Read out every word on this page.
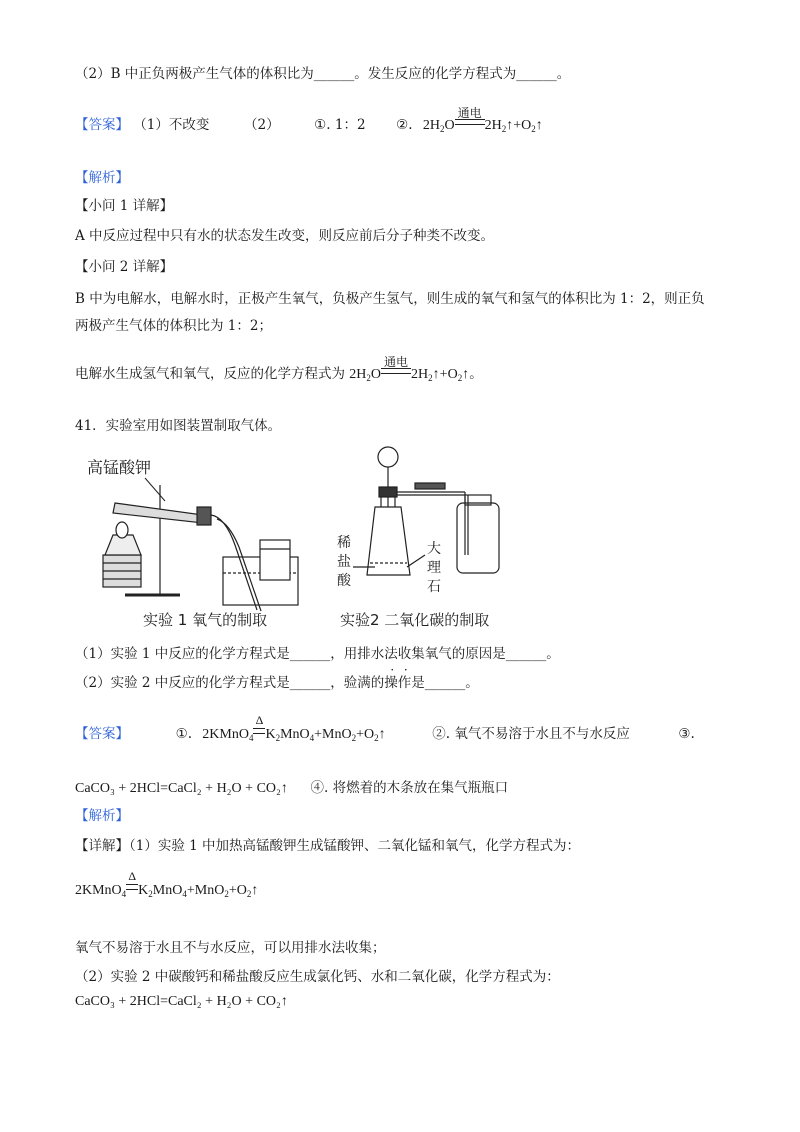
（2）B 中正负两极产生气体的体积比为______。发生反应的化学方程式为______。
【答案】 （1）不改变	（2）	①. 1：2 ②. $2H_2O$
通电
$2H_2↑+O_2↑$
【解析】
【小问 1 详解】
A 中反应过程中只有水的状态发生改变，则反应前后分子种类不改变。
【小问 2 详解】
B 中为电解水，电解水时，正极产生氧气，负极产生氢气，则生成的氧气和氢气的体积比为 1：2，则正负
两极产生气体的体积比为 1：2；
电解水生成氢气和氧气，反应的化学方程式为 $2H_2O$
通电
$2H_2↑+O_2↑$。
41．实验室用如图装置制取气体。
高锰酸钾
实验 1 氧气的制取
稀
盐
酸
大
理
石
实验2 二氧化碳的制取
（1）实验 1 中反应的化学方程式是______，用排水法收集氧气的原因是______。
（2）实验 2 中反应的化学方程式是______，验满的操作是______。
【答案】	①. 2KMnO$_4$
Δ
$K_2MnO_4+MnO_2+O_2↑$	②. 氧气不易溶于水且不与水反应	③.
CaCO₃ + 2HCl=CaCl₂ + H₂O + CO₂↑ ④. 将燃着的木条放在集气瓶瓶口
【解析】
【详解】（1）实验 1 中加热高锰酸钾生成锰酸钾、二氧化锰和氧气，化学方程式为：
2KMnO$_4$
Δ
$K_2MnO_4+MnO_2+O_2↑$
氧气不易溶于水且不与水反应，可以用排水法收集；
（2）实验 2 中碳酸钙和稀盐酸反应生成氯化钙、水和二氧化碳，化学方程式为：
CaCO₃ + 2HCl=CaCl₂ + H₂O + CO₂↑
